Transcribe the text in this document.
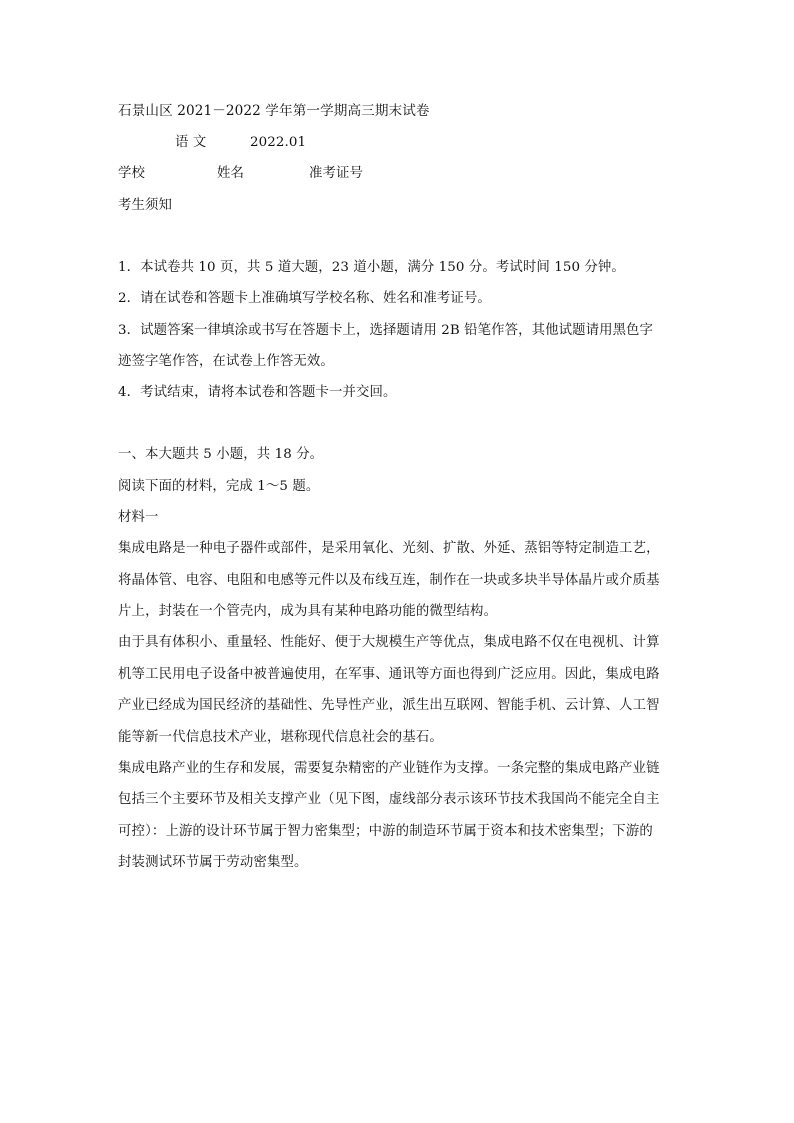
石景山区 2021－2022 学年第一学期高三期末试卷
语 文	2022.01
学校	姓名	准考证号
考生须知
1．本试卷共 10 页，共 5 道大题，23 道小题，满分 150 分。考试时间 150 分钟。
2．请在试卷和答题卡上准确填写学校名称、姓名和准考证号。
3．试题答案一律填涂或书写在答题卡上，选择题请用 2B 铅笔作答，其他试题请用黑色字
迹签字笔作答，在试卷上作答无效。
4．考试结束，请将本试卷和答题卡一并交回。
一、本大题共 5 小题，共 18 分。
阅读下面的材料，完成 1～5 题。
材料一
集成电路是一种电子器件或部件，是采用氧化、光刻、扩散、外延、蒸铝等特定制造工艺，
将晶体管、电容、电阻和电感等元件以及布线互连，制作在一块或多块半导体晶片或介质基
片上，封装在一个管壳内，成为具有某种电路功能的微型结构。
由于具有体积小、重量轻、性能好、便于大规模生产等优点，集成电路不仅在电视机、计算
机等工民用电子设备中被普遍使用，在军事、通讯等方面也得到广泛应用。因此，集成电路
产业已经成为国民经济的基础性、先导性产业，派生出互联网、智能手机、云计算、人工智
能等新一代信息技术产业，堪称现代信息社会的基石。
集成电路产业的生存和发展，需要复杂精密的产业链作为支撑。一条完整的集成电路产业链
包括三个主要环节及相关支撑产业（见下图，虚线部分表示该环节技术我国尚不能完全自主
可控）：上游的设计环节属于智力密集型；中游的制造环节属于资本和技术密集型；下游的
封装测试环节属于劳动密集型。
